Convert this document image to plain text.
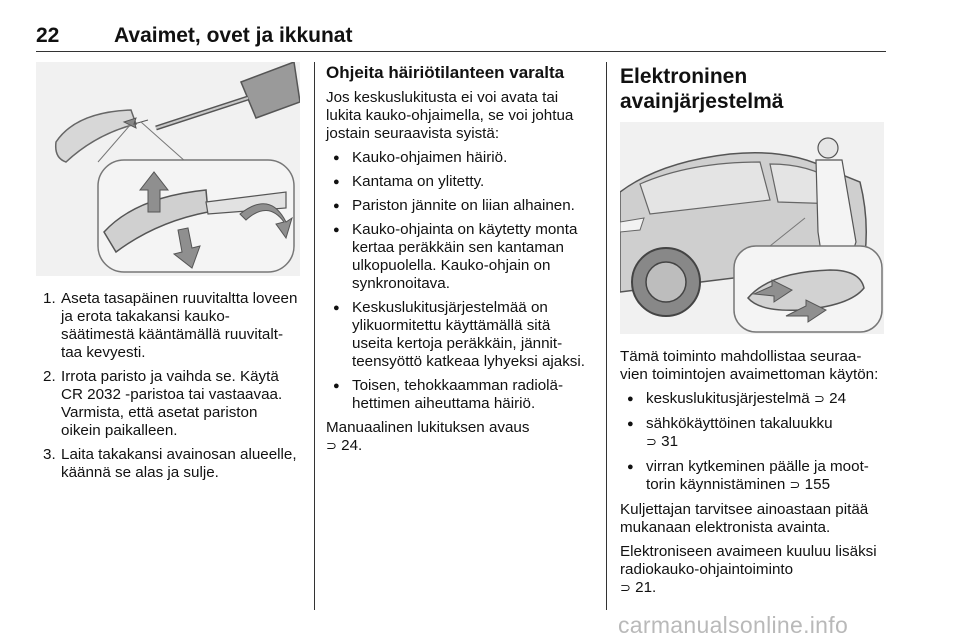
22	Avaimet, ovet ja ikkunat
1. Aseta tasapäinen ruuvitaltta loveen ja erota takakansi kauko-säätimestä kääntämällä ruuvitalt-taa kevyesti.
2. Irrota paristo ja vaihda se. Käytä CR 2032 -paristoa tai vastaavaa. Varmista, että asetat pariston oikein paikalleen.
3. Laita takakansi avainosan alueelle, käännä se alas ja sulje.
Ohjeita häiriötilanteen varalta

Jos keskuslukitusta ei voi avata tai lukita kauko-ohjaimella, se voi johtua jostain seuraavista syistä:

● Kauko-ohjaimen häiriö.
● Kantama on ylitetty.
● Pariston jännite on liian alhainen.
● Kauko-ohjainta on käytetty monta kertaa peräkkäin sen kantaman ulkopuolella. Kauko-ohjain on synkronoitava.
● Keskuslukitusjärjestelmää on ylikuormitettu käyttämällä sitä useita kertoja peräkkäin, jännit-teensyöttö katkeaa lyhyeksi ajaksi.
● Toisen, tehokkaamman radiolä-hettimen aiheuttama häiriö.

Manuaalinen lukituksen avaus
⊃ 24.

Elektroninen avainjärjestelmä

Tämä toiminto mahdollistaa seuraa-vien toimintojen avaimettoman käytön:

● keskuslukitusjärjestelmä ⊃ 24
● sähkökäyttöinen takaluukku
⊃ 31
● virran kytkeminen päälle ja moot-torin käynnistäminen ⊃ 155

Kuljettajan tarvitsee ainoastaan pitää mukanaan elektronista avainta.

Elektroniseen avaimeen kuuluu lisäksi radiokauko-ohjaintoiminto
⊃ 21.

carmanualsonline.info
